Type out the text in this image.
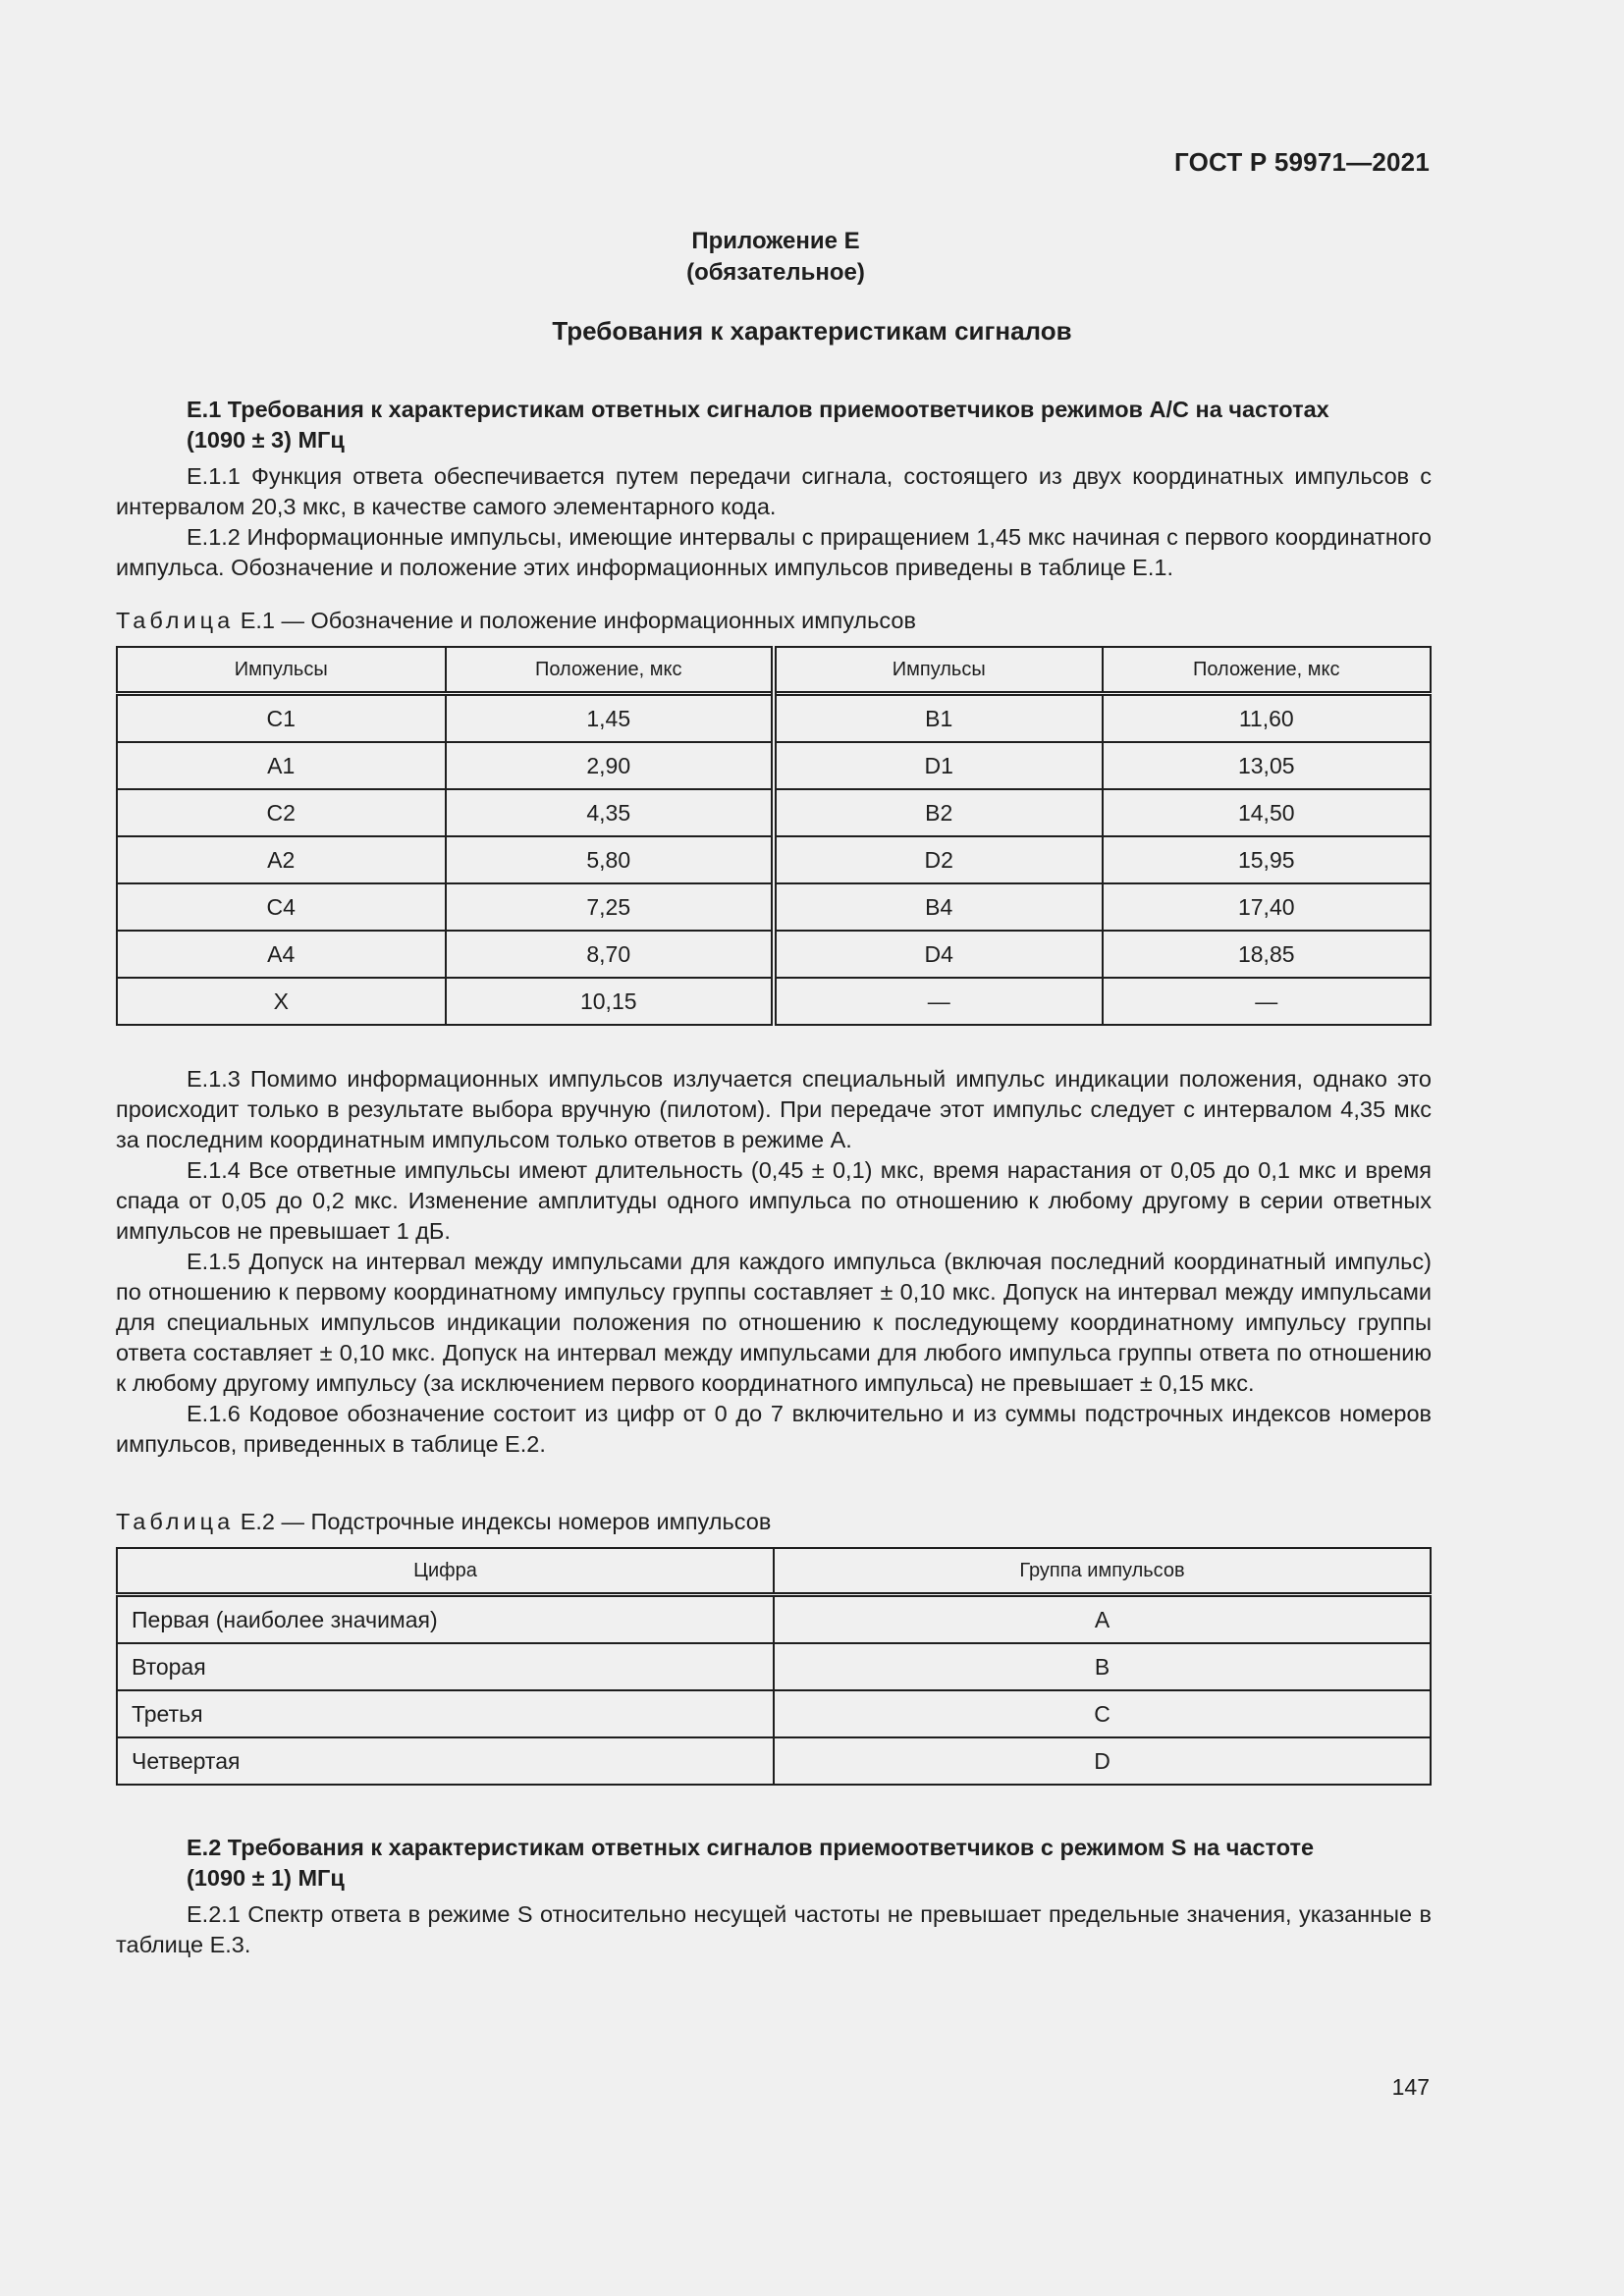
ГОСТ Р 59971—2021
Приложение Е
(обязательное)
Требования к характеристикам сигналов

Е.1 Требования к характеристикам ответных сигналов приемоответчиков режимов А/С на частотах

(1090 ± 3) МГц

Е.1.1 Функция ответа обеспечивается путем передачи сигнала, состоящего из двух координатных импульсов с интервалом 20,3 мкс, в качестве самого элементарного кода.

Е.1.2 Информационные импульсы, имеющие интервалы с приращением 1,45 мкс начиная с первого координатного импульса. Обозначение и положение этих информационных импульсов приведены в таблице Е.1.

Таблица Е.1 — Обозначение и положение информационных импульсов

Импульсы	Положение, мкс	Импульсы	Положение, мкс
C1	1,45	B1	11,60
A1	2,90	D1	13,05
C2	4,35	B2	14,50
A2	5,80	D2	15,95
C4	7,25	B4	17,40
A4	8,70	D4	18,85
X	10,15	—	—

Е.1.3 Помимо информационных импульсов излучается специальный импульс индикации положения, однако это происходит только в результате выбора вручную (пилотом). При передаче этот импульс следует с интервалом 4,35 мкс за последним координатным импульсом только ответов в режиме А.

Е.1.4 Все ответные импульсы имеют длительность (0,45 ± 0,1) мкс, время нарастания от 0,05 до 0,1 мкс и время спада от 0,05 до 0,2 мкс. Изменение амплитуды одного импульса по отношению к любому другому в серии ответных импульсов не превышает 1 дБ.

Е.1.5 Допуск на интервал между импульсами для каждого импульса (включая последний координатный импульс) по отношению к первому координатному импульсу группы составляет ± 0,10 мкс. Допуск на интервал между импульсами для специальных импульсов индикации положения по отношению к последующему координатному импульсу группы ответа составляет ± 0,10 мкс. Допуск на интервал между импульсами для любого импульса группы ответа по отношению к любому другому импульсу (за исключением первого координатного импульса) не превышает ± 0,15 мкс.

Е.1.6 Кодовое обозначение состоит из цифр от 0 до 7 включительно и из суммы подстрочных индексов номеров импульсов, приведенных в таблице Е.2.

Таблица Е.2 — Подстрочные индексы номеров импульсов

Цифра	Группа импульсов
Первая (наиболее значимая)	A
Вторая	B
Третья	C
Четвертая	D

Е.2 Требования к характеристикам ответных сигналов приемоответчиков с режимом S на частоте

(1090 ± 1) МГц

Е.2.1 Спектр ответа в режиме S относительно несущей частоты не превышает предельные значения, указанные в таблице Е.3.

147
